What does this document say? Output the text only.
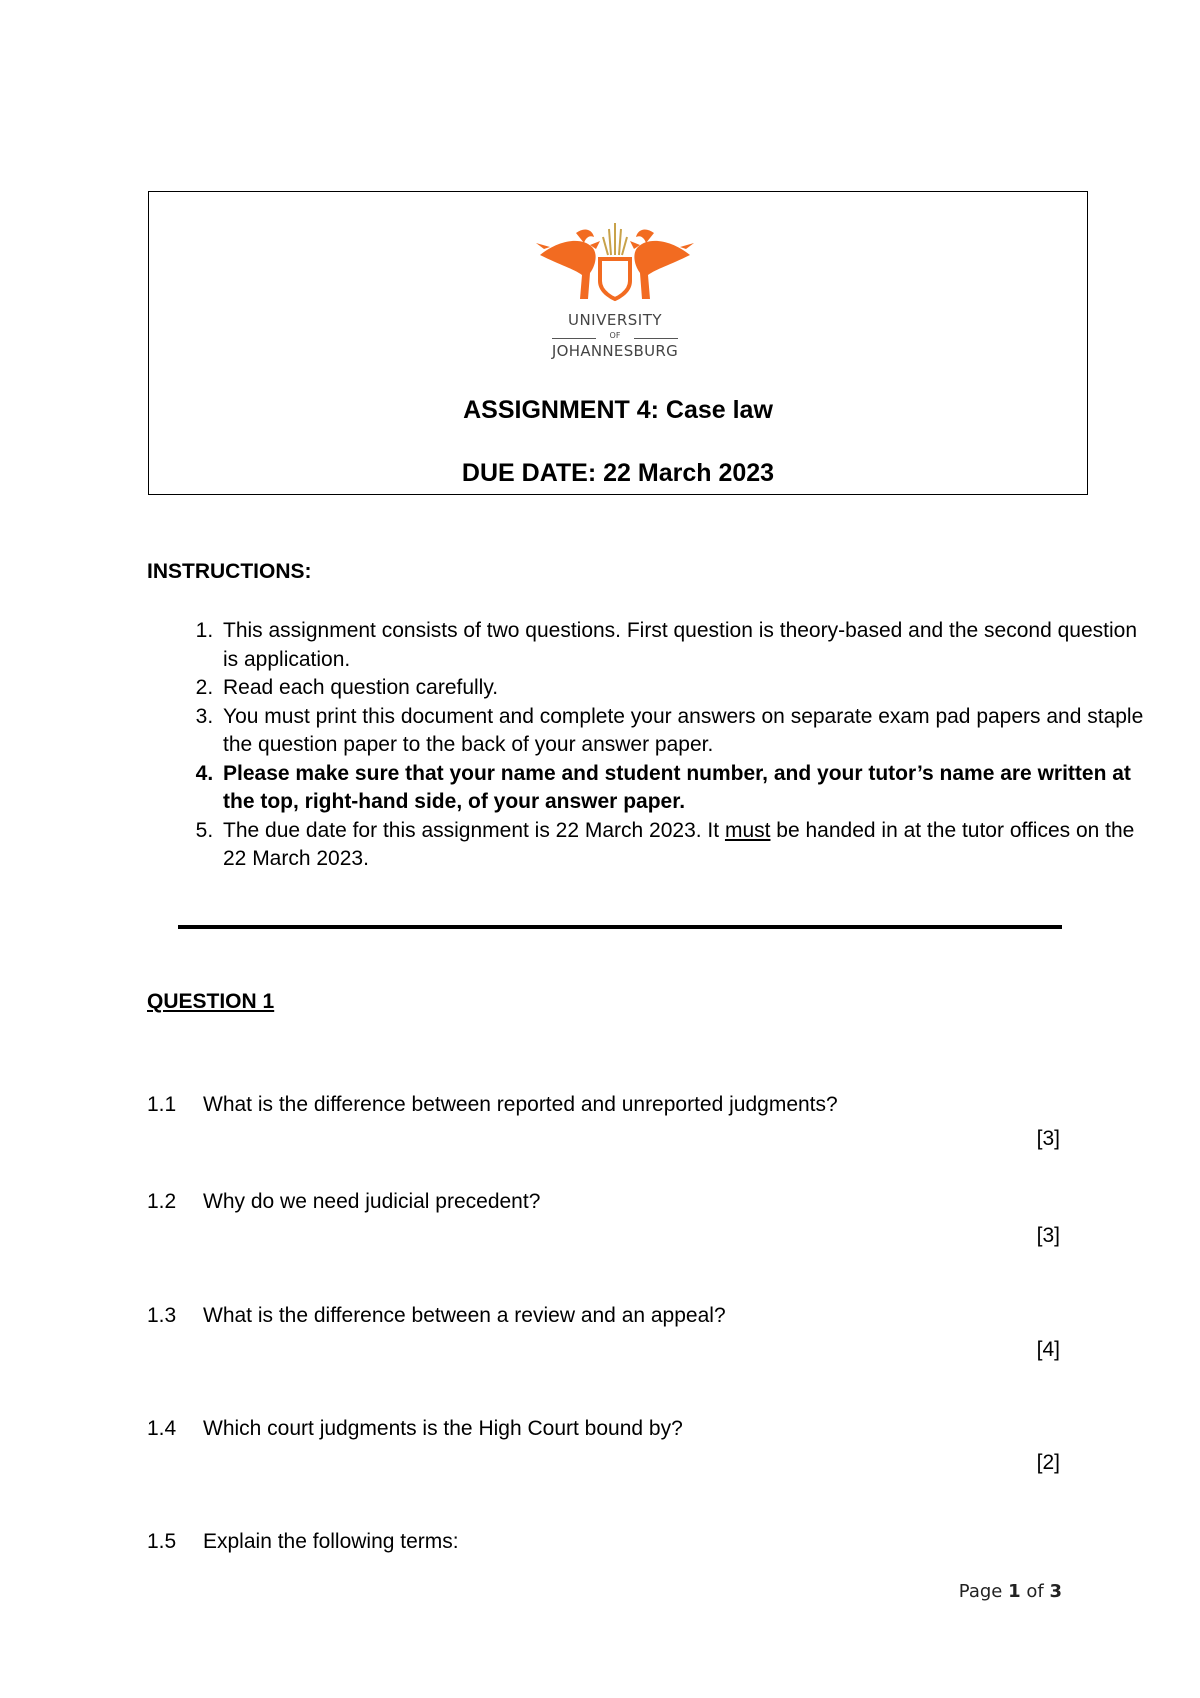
UNIVERSITY
OF
JOHANNESBURG
ASSIGNMENT 4: Case law
DUE DATE: 22 March 2023
INSTRUCTIONS:
1. This assignment consists of two questions. First question is theory-based and the second question is application.
2. Read each question carefully.
3. You must print this document and complete your answers on separate exam pad papers and staple the question paper to the back of your answer paper.
4. Please make sure that your name and student number, and your tutor’s name are written at the top, right-hand side, of your answer paper.
5. The due date for this assignment is 22 March 2023. It must be handed in at the tutor offices on the 22 March 2023.
QUESTION 1
1.1 What is the difference between reported and unreported judgments?
[3]
1.2 Why do we need judicial precedent?
[3]
1.3 What is the difference between a review and an appeal?
[4]
1.4 Which court judgments is the High Court bound by?
[2]
1.5 Explain the following terms:
Page 1 of 3
